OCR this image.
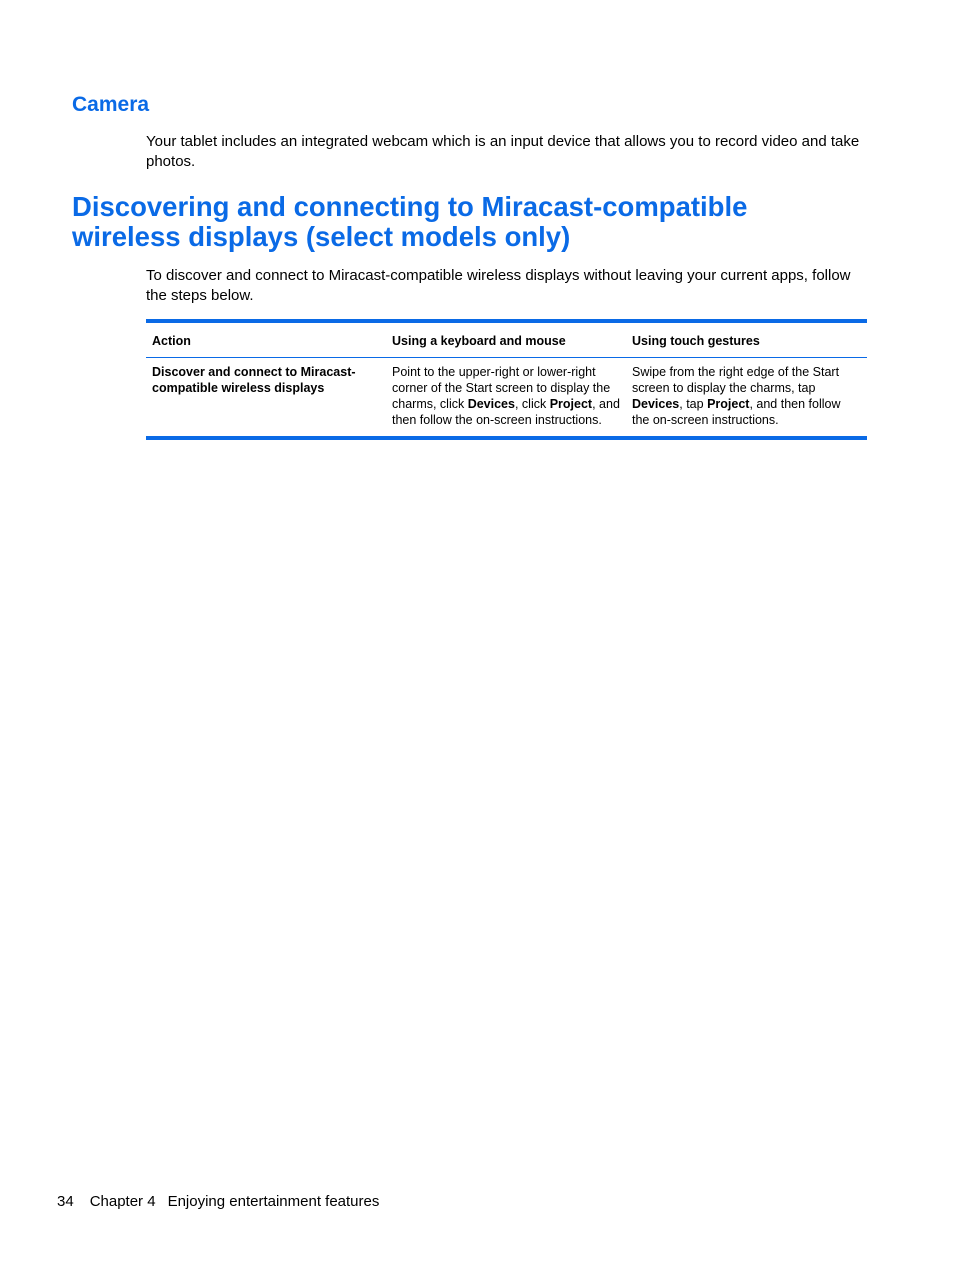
Camera

Your tablet includes an integrated webcam which is an input device that allows you to record video and take photos.

Discovering and connecting to Miracast-compatible
wireless displays (select models only)

To discover and connect to Miracast-compatible wireless displays without leaving your current apps, follow the steps below.

Action	Using a keyboard and mouse	Using touch gestures
Discover and connect to Miracast-compatible wireless displays	Point to the upper-right or lower-right corner of the Start screen to display the charms, click Devices, click Project, and then follow the on-screen instructions.	Swipe from the right edge of the Start screen to display the charms, tap Devices, tap Project, and then follow the on-screen instructions.
34 Chapter 4 Enjoying entertainment features
